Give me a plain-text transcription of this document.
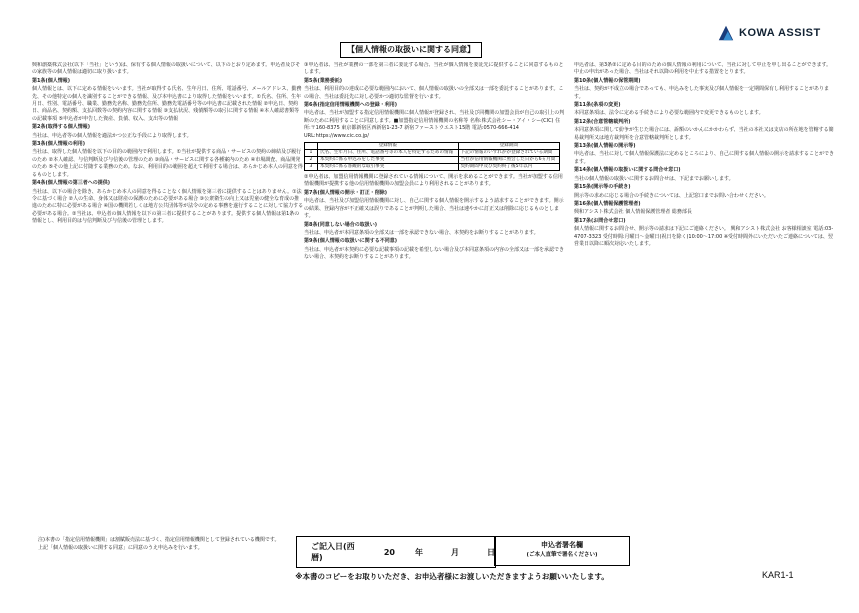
KOWA ASSIST
【個人情報の取扱いに関する同意】

興和創薬株式会社(以下「当社」という)は、保有する個人情報の取扱いについて、以下のとおり定めます。申込者及びその家族等の個人情報は適切に取り扱います。

第1条(個人情報)

個人情報とは、以下に定める情報をいいます。当社が取得する氏名、生年月日、住所、電話番号、メールアドレス、勤務先、その他特定の個人を識別することができる情報、及び本申込書により取得した情報をいいます。①氏名、住所、生年月日、性別、電話番号、職業、勤務先名称、勤務先住所、勤務先電話番号等の申込書に記載された情報 ②申込日、契約日、商品名、契約額、支払回数等の契約内容に関する情報 ③支払状況、残債額等の取引に関する情報 ④本人確認書類等の記載事項 ⑤申込者が申告した資産、負債、収入、支出等の情報

第2条(取得する個人情報)

当社は、申込者等の個人情報を適法かつ公正な手段により取得します。

第3条(個人情報の利用)

当社は、取得した個人情報を以下の目的の範囲内で利用します。①当社が提供する商品・サービスの契約の締結及び履行のため ②本人確認、与信判断及び与信後の管理のため ③商品・サービスに関する各種案内のため ④市場調査、商品開発のため ⑤その他上記に付随する業務のため。なお、利用目的の範囲を超えて利用する場合は、あらかじめ本人の同意を得るものとします。

第4条(個人情報の第三者への提供)

当社は、以下の場合を除き、あらかじめ本人の同意を得ることなく個人情報を第三者に提供することはありません。①法令に基づく場合 ②人の生命、身体又は財産の保護のために必要がある場合 ③公衆衛生の向上又は児童の健全な育成の推進のために特に必要がある場合 ④国の機関若しくは地方公共団体等が法令の定める事務を遂行することに対して協力する必要がある場合。②当社は、申込者の個人情報を以下の第三者に提供することがあります。提供する個人情報は第1条の情報とし、利用目的は与信判断及び与信後の管理とします。

③申込者は、当社が業務の一部を第三者に委託する場合、当社が個人情報を委託先に提供することに同意するものとします。

第5条(業務委託)

当社は、利用目的の達成に必要な範囲内において、個人情報の取扱いの全部又は一部を委託することがあります。この場合、当社は委託先に対し必要かつ適切な監督を行います。

第6条(指定信用情報機関への登録・利用)

申込者は、当社が加盟する指定信用情報機関に個人情報が登録され、当社及び同機関の加盟会員が自己の取引上の判断のために利用することに同意します。■加盟指定信用情報機関の名称等 名称:株式会社シー・アイ・シー(CIC) 住所:〒160-8375 東京都新宿区西新宿1-23-7 新宿ファーストウエスト15階 電話:0570-666-414 URL:https://www.cic.co.jp/

	登録情報	登録期間
1	氏名、生年月日、住所、電話番号等の本人を特定するための情報	下記の情報のいずれかが登録されている期間
2	本契約に係る申込みをした事実	当社が信用情報機関に照会した日から6ヵ月間
3	本契約に係る客観的な取引事実	契約期間中及び契約終了後5年以内

②申込者は、加盟信用情報機関に登録されている情報について、開示を求めることができます。当社が加盟する信用情報機関が提携する他の信用情報機関の加盟会員により利用されることがあります。

第7条(個人情報の開示・訂正・削除)

申込者は、当社及び加盟信用情報機関に対し、自己に関する個人情報を開示するよう請求することができます。開示の結果、登録内容が不正確又は誤りであることが判明した場合、当社は速やかに訂正又は削除に応じるものとします。

第8条(同意しない場合の取扱い)

当社は、申込者が本同意条項の全部又は一部を承認できない場合、本契約をお断りすることがあります。

第9条(個人情報の取扱いに関する不同意)

当社は、申込者が本契約に必要な記載事項の記載を希望しない場合及び本同意条項の内容の全部又は一部を承認できない場合、本契約をお断りすることがあります。

申込者は、第3条②に定める目的のための個人情報の利用について、当社に対して中止を申し出ることができます。中止の申出があった場合、当社はそれ以降の利用を中止する措置をとります。

第10条(個人情報の保管期間)

当社は、契約が不成立の場合であっても、申込みをした事実及び個人情報を一定期間保有し利用することがあります。

第11条(条項の変更)

本同意条項は、法令に定める手続きにより必要な範囲内で変更できるものとします。

第12条(合意管轄裁判所)

本同意条項に関して紛争が生じた場合には、訴額のいかんにかかわらず、当社の本社又は支店の所在地を管轄する簡易裁判所又は地方裁判所を合意管轄裁判所とします。

第13条(個人情報の開示等)

申込者は、当社に対して個人情報保護法に定めるところにより、自己に関する個人情報の開示を請求することができます。

第14条(個人情報の取扱いに関する問合せ窓口)

当社の個人情報の取扱いに関するお問合せは、下記までお願いします。

第15条(開示等の手続き)

開示等の求めに応じる場合の手続きについては、上記窓口までお問い合わせください。

第16条(個人情報保護管理者)

興和アシスト株式会社 個人情報保護管理者 総務部長

第17条(お問合せ窓口)

個人情報に関するお問合せ、開示等の請求は下記にご連絡ください。 興和アシスト株式会社 お客様相談室 電話:03-4707-3323 受付時間:月曜日〜金曜日(祝日を除く)10:00〜17:00 ※受付時間外にいただいたご連絡については、翌営業日以降に順次対応いたします。

注)本書の「指定信用情報機関」は割賦販売法に基づく、指定信用情報機関として登録されている機関です。

上記「個人情報の取扱いに関する同意」に同意のうえ申込みを行います。	ご記入日(西暦)
20	年	月	日
申込者署名欄
(ご本人直筆で署名ください)
※本書のコピーをお取りいただき、お申込者様にお渡しいただきますようお願いいたします。	KAR1-1
